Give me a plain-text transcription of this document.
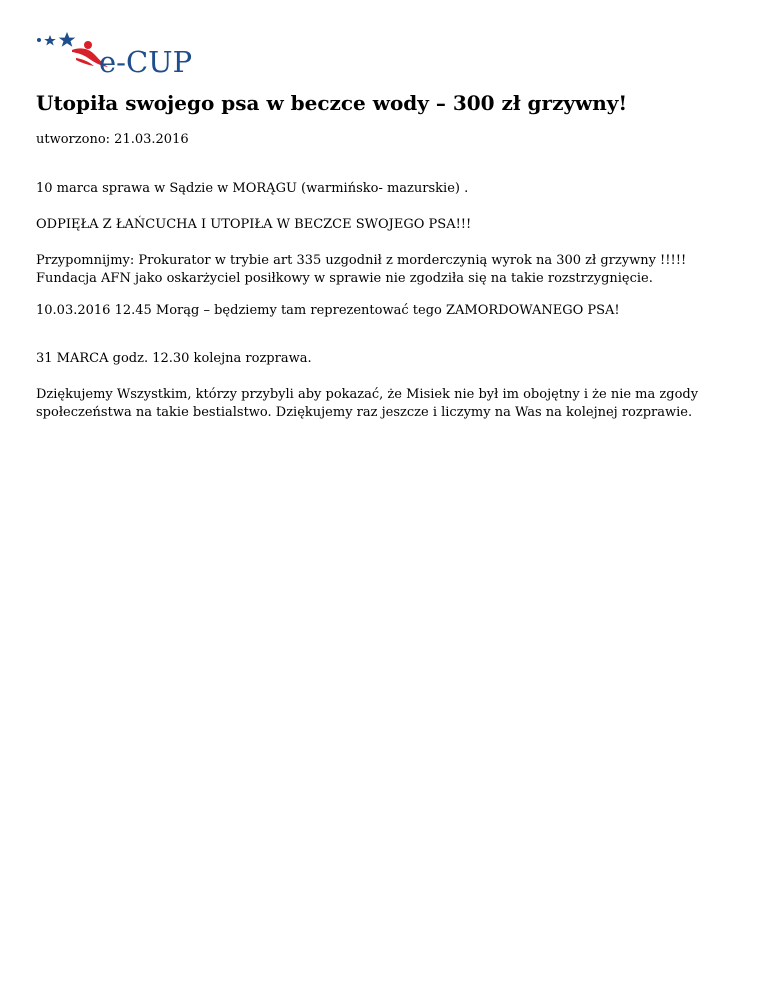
e-CUP
Utopiła swojego psa w beczce wody – 300 zł grzywny!
utworzono: 21.03.2016

10 marca sprawa w Sądzie w MORĄGU (warmińsko- mazurskie) .

ODPIĘŁA Z ŁAŃCUCHA I UTOPIŁA W BECZCE SWOJEGO PSA!!!

Przypomnijmy: Prokurator w trybie art 335 uzgodnił z morderczynią wyrok na 300 zł grzywny !!!!! Fundacja AFN jako oskarżyciel posiłkowy w sprawie nie zgodziła się na takie rozstrzygnięcie.

10.03.2016 12.45 Morąg – będziemy tam reprezentować tego ZAMORDOWANEGO PSA!

31 MARCA godz. 12.30 kolejna rozprawa.

Dziękujemy Wszystkim, którzy przybyli aby pokazać, że Misiek nie był im obojętny i że nie ma zgody społeczeństwa na takie bestialstwo. Dziękujemy raz jeszcze i liczymy na Was na kolejnej rozprawie.
